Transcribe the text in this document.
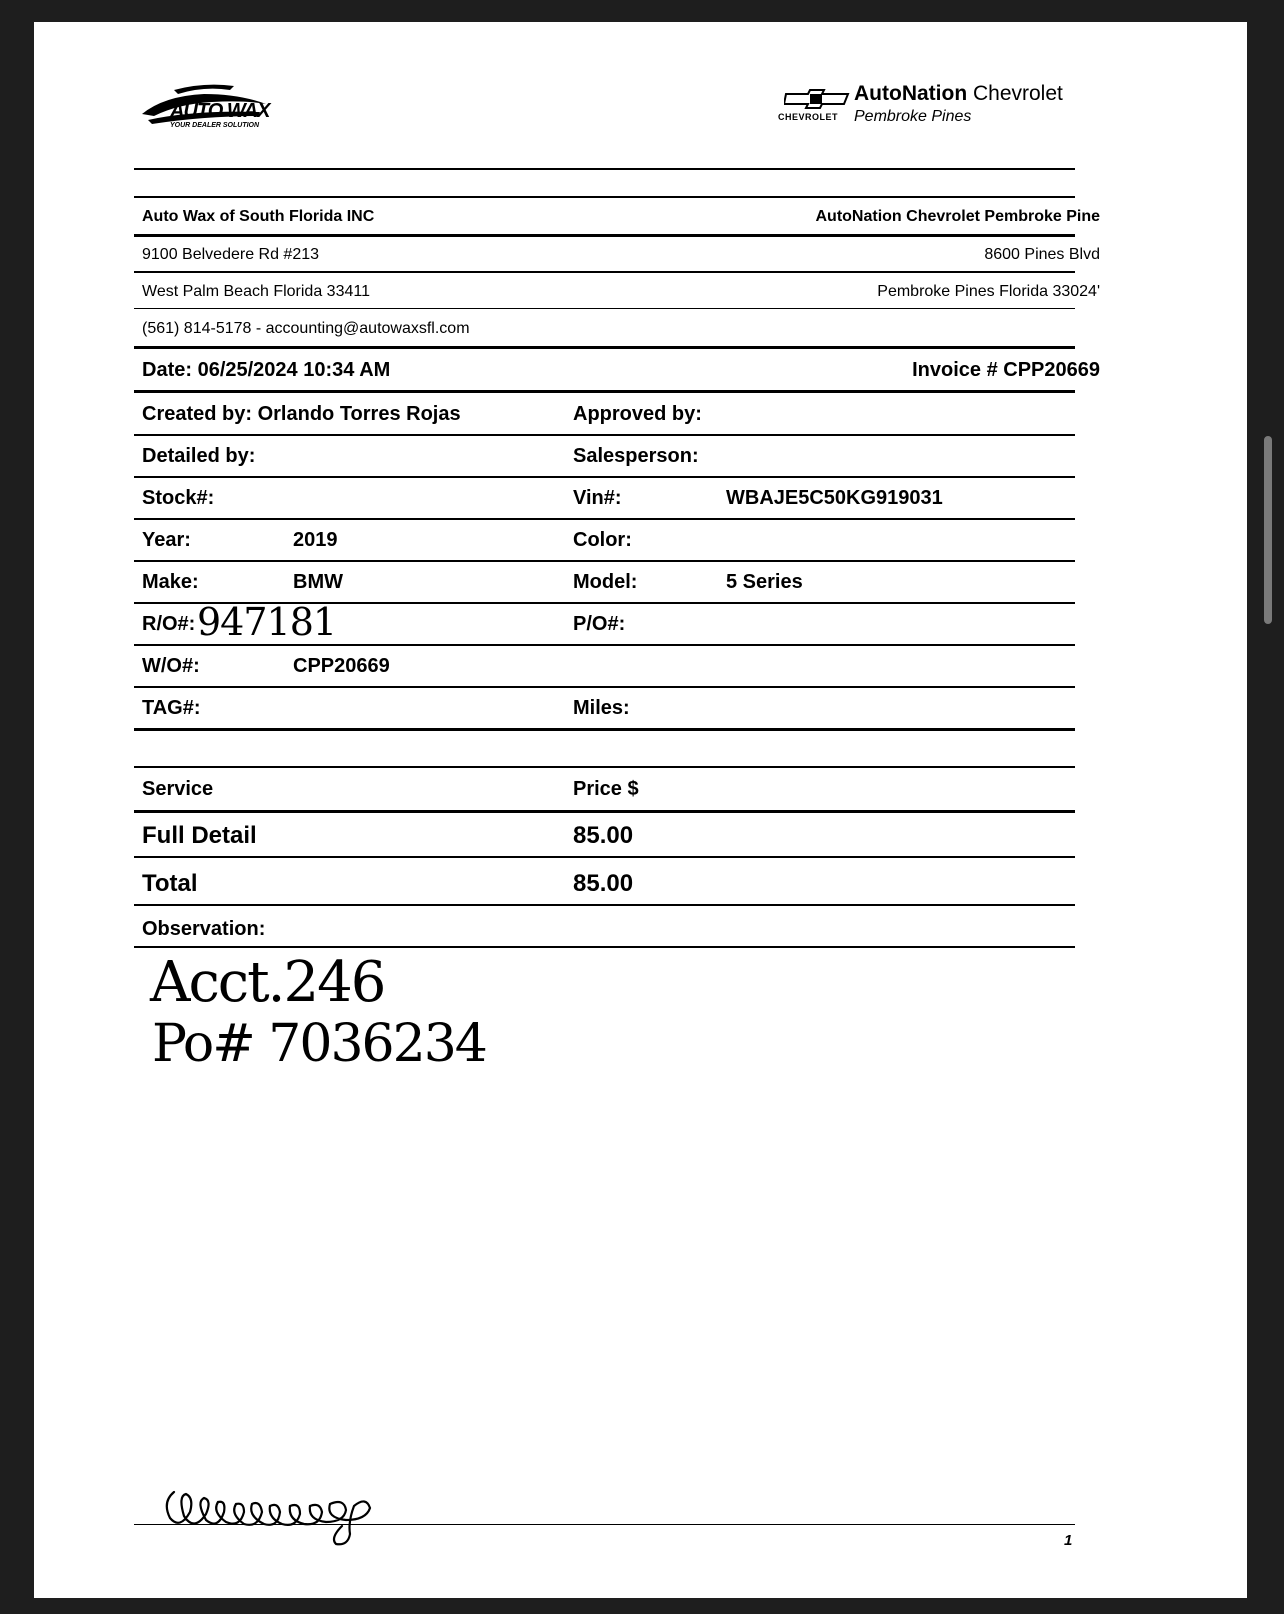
AUTO WAX
YOUR DEALER SOLUTION
CHEVROLET
AutoNation Chevrolet
Pembroke Pines
Auto Wax of South Florida INC	AutoNation Chevrolet Pembroke Pine
9100 Belvedere Rd #213	8600 Pines Blvd
West Palm Beach Florida 33411	Pembroke Pines Florida 33024'
(561) 814-5178 - accounting@autowaxsfl.com
Date: 06/25/2024 10:34 AM	Invoice # CPP20669
Created by: Orlando Torres Rojas	Approved by:
Detailed by:	Salesperson:
Stock#:	Vin#:	WBAJE5C50KG919031
Year:	2019	Color:
Make:	BMW	Model:	5 Series
R/O#: 947181	P/O#:
W/O#:	CPP20669
TAG#:	Miles:
Service	Price $
Full Detail	85.00
Total	85.00
Observation:
Acct.246
Po# 7036234
1
